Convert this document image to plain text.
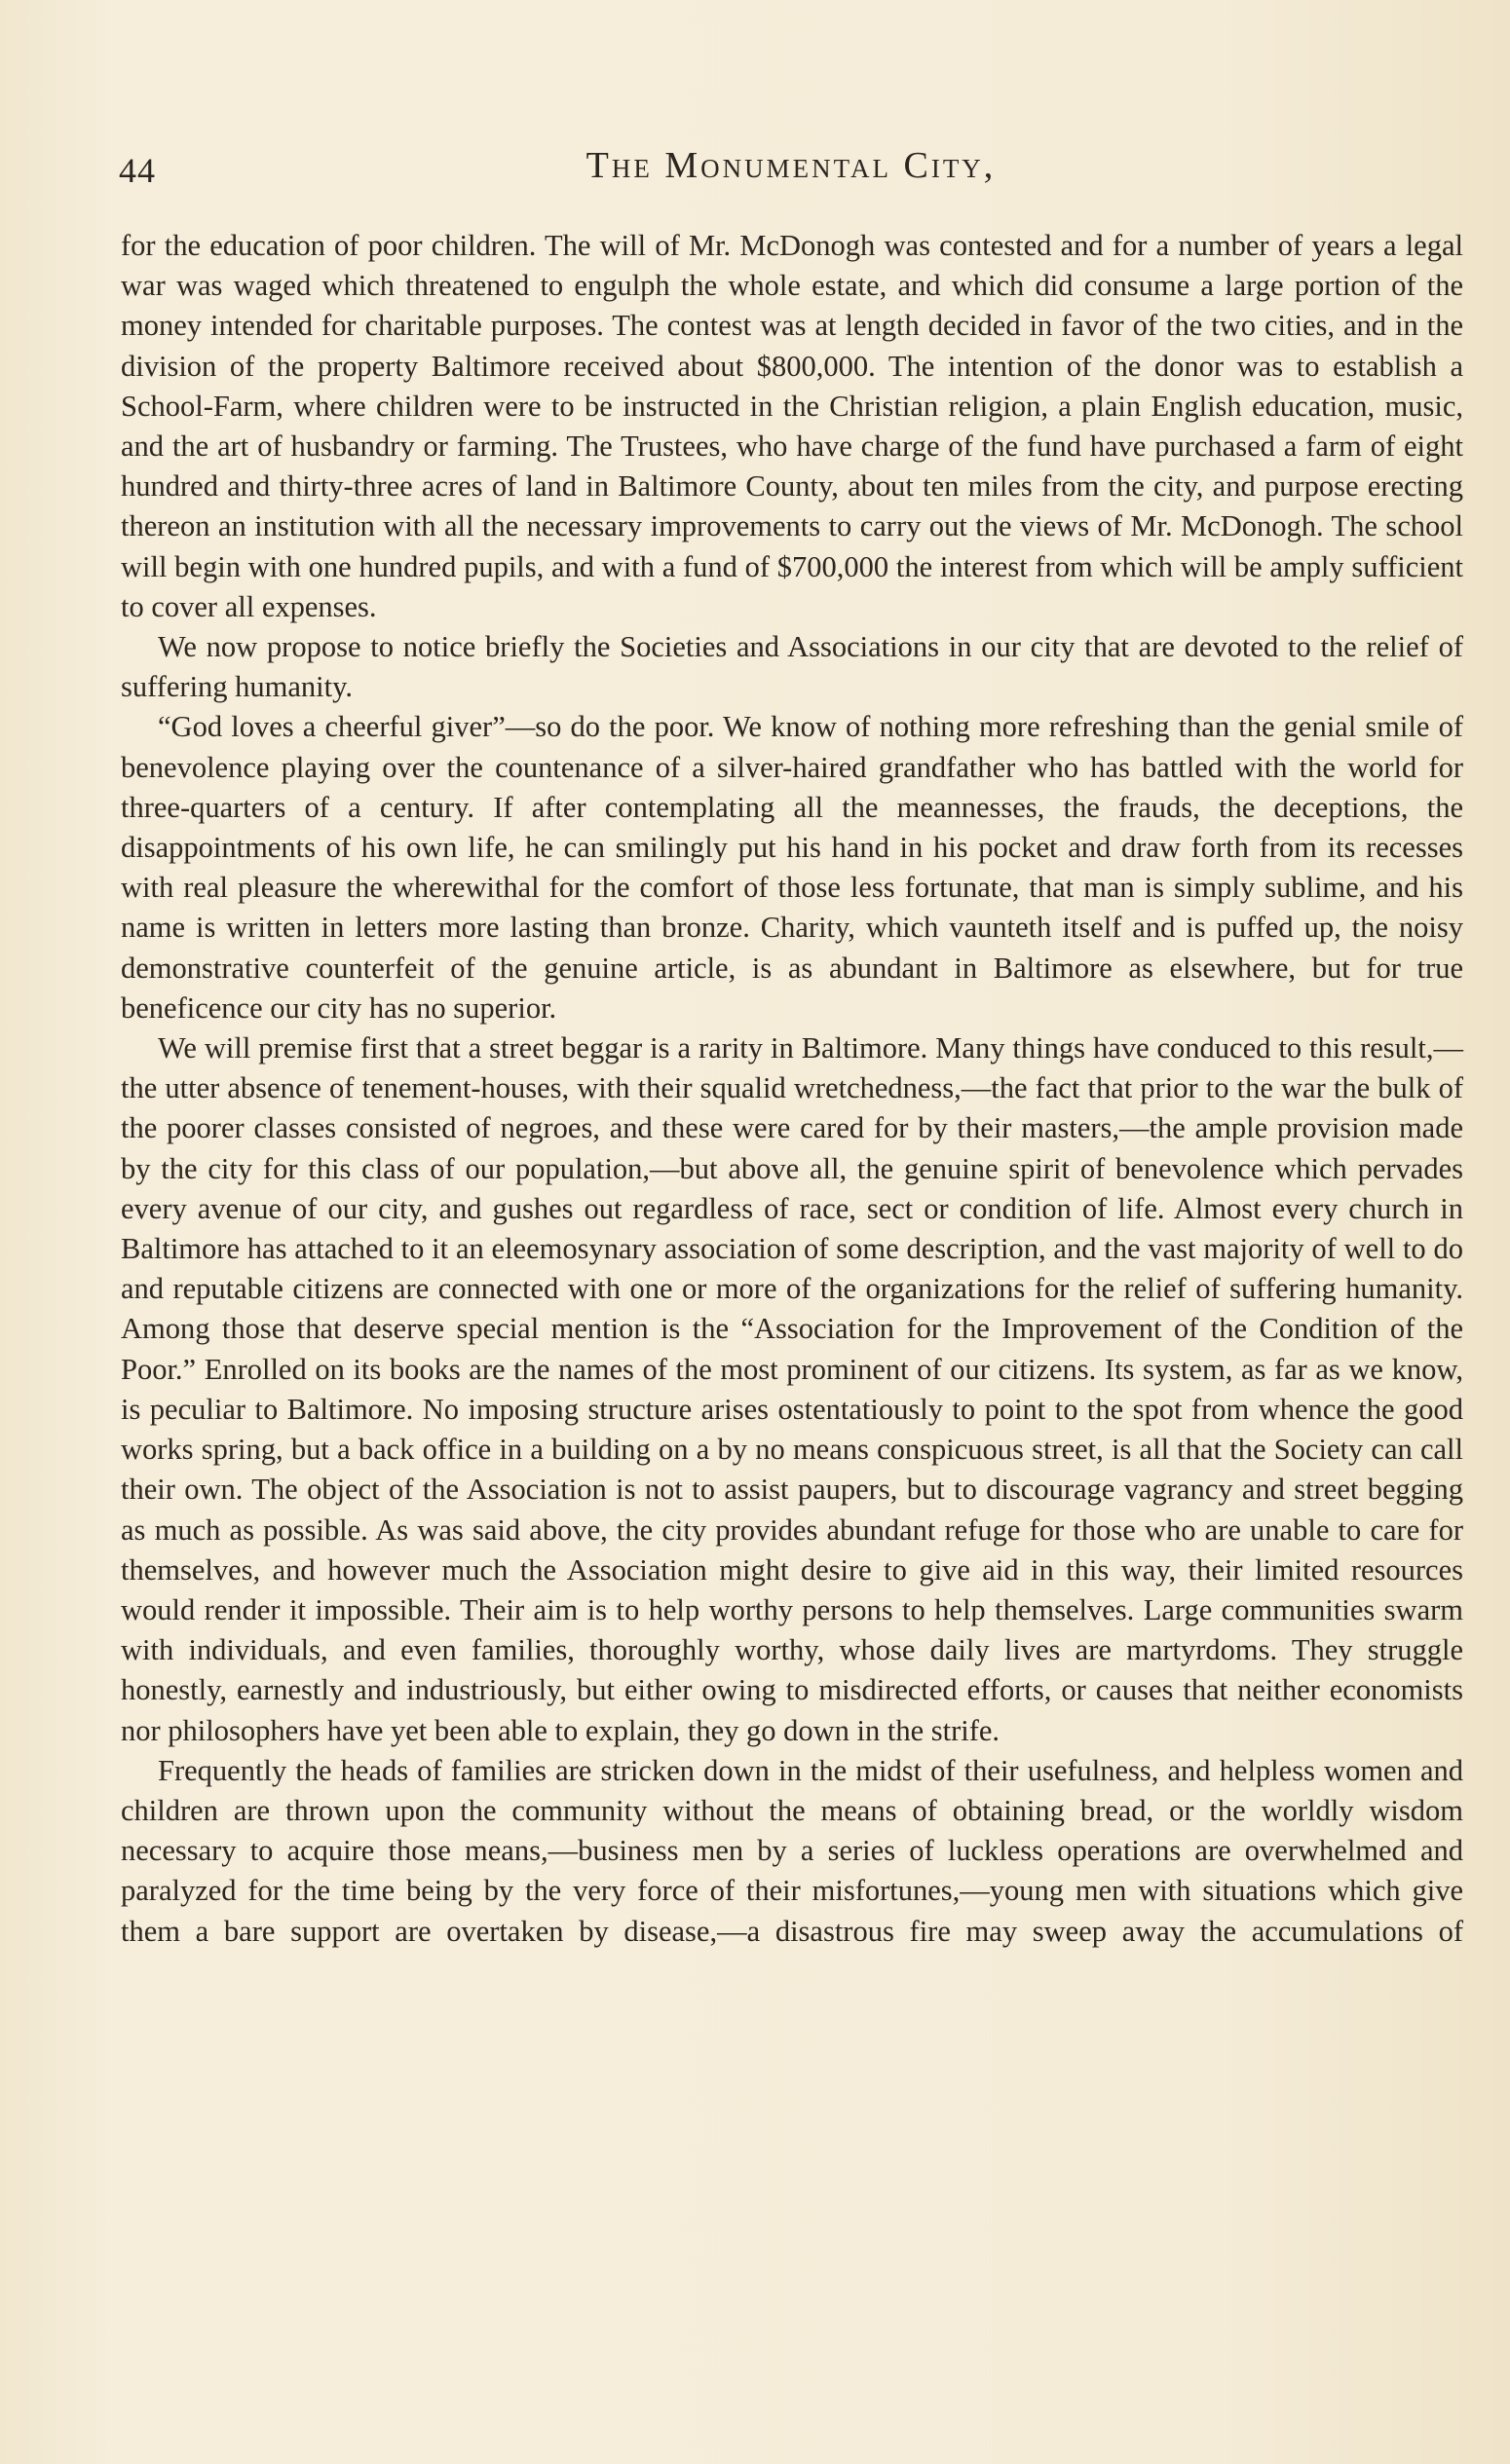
44	The Monumental City,

for the education of poor children. The will of Mr. McDonogh was contested and for a number of years a legal war was waged which threatened to engulph the whole estate, and which did consume a large portion of the money intended for charitable purposes. The contest was at length decided in favor of the two cities, and in the division of the property Baltimore received about $800,000. The intention of the donor was to establish a School-Farm, where children were to be instructed in the Christian religion, a plain English education, music, and the art of husbandry or farming. The Trustees, who have charge of the fund have purchased a farm of eight hundred and thirty-three acres of land in Baltimore County, about ten miles from the city, and purpose erecting thereon an institution with all the necessary improvements to carry out the views of Mr. McDonogh. The school will begin with one hundred pupils, and with a fund of $700,000 the interest from which will be amply sufficient to cover all expenses.

We now propose to notice briefly the Societies and Associations in our city that are devoted to the relief of suffering humanity.

“God loves a cheerful giver”—so do the poor. We know of nothing more refreshing than the genial smile of benevolence playing over the countenance of a silver-haired grandfather who has battled with the world for three-quarters of a century. If after contemplating all the meannesses, the frauds, the deceptions, the disappointments of his own life, he can smilingly put his hand in his pocket and draw forth from its recesses with real pleasure the wherewithal for the comfort of those less fortunate, that man is simply sublime, and his name is written in letters more lasting than bronze. Charity, which vaunteth itself and is puffed up, the noisy demonstrative counterfeit of the genuine article, is as abundant in Baltimore as elsewhere, but for true beneficence our city has no superior.

We will premise first that a street beggar is a rarity in Baltimore. Many things have conduced to this result,—the utter absence of tenement-houses, with their squalid wretchedness,—the fact that prior to the war the bulk of the poorer classes consisted of negroes, and these were cared for by their masters,—the ample provision made by the city for this class of our population,—but above all, the genuine spirit of benevolence which pervades every avenue of our city, and gushes out regardless of race, sect or condition of life. Almost every church in Baltimore has attached to it an eleemosynary association of some description, and the vast majority of well to do and reputable citizens are connected with one or more of the organizations for the relief of suffering humanity. Among those that deserve special mention is the “Association for the Improvement of the Condition of the Poor.” Enrolled on its books are the names of the most prominent of our citizens. Its system, as far as we know, is peculiar to Baltimore. No imposing structure arises ostentatiously to point to the spot from whence the good works spring, but a back office in a building on a by no means conspicuous street, is all that the Society can call their own. The object of the Association is not to assist paupers, but to discourage vagrancy and street begging as much as possible. As was said above, the city provides abundant refuge for those who are unable to care for themselves, and however much the Association might desire to give aid in this way, their limited resources would render it impossible. Their aim is to help worthy persons to help themselves. Large communities swarm with individuals, and even families, thoroughly worthy, whose daily lives are martyrdoms. They struggle honestly, earnestly and industriously, but either owing to misdirected efforts, or causes that neither economists nor philosophers have yet been able to explain, they go down in the strife.

Frequently the heads of families are stricken down in the midst of their usefulness, and helpless women and children are thrown upon the community without the means of obtaining bread, or the worldly wisdom necessary to acquire those means,—business men by a series of luckless operations are overwhelmed and paralyzed for the time being by the very force of their misfortunes,—young men with situations which give them a bare support are overtaken by disease,—a disastrous fire may sweep away the accumulations of
